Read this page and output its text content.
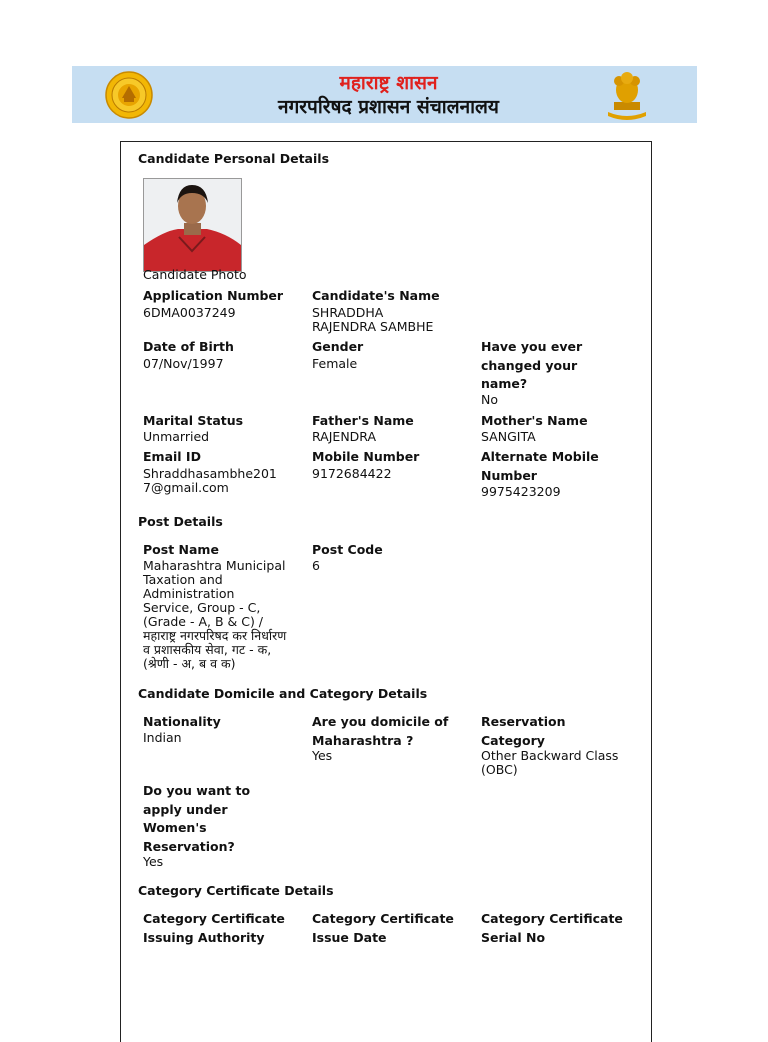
महाराष्ट्र शासन
नगरपरिषद प्रशासन संचालनालय
Candidate Personal Details
Candidate Photo
Application Number
6DMA0037249
Candidate's Name
SHRADDHA RAJENDRA SAMBHE
Date of Birth
07/Nov/1997
Gender
Female
Have you ever changed your name?
No
Marital Status
Unmarried
Father's Name
RAJENDRA
Mother's Name
SANGITA
Email ID
Shraddhasambhe2017@gmail.com
Mobile Number
9172684422
Alternate Mobile Number
9975423209
Post Details
Post Name
Maharashtra Municipal Taxation and Administration Service, Group - C, (Grade - A, B & C) / महाराष्ट्र नगरपरिषद कर निर्धारण व प्रशासकीय सेवा, गट - क, (श्रेणी - अ, ब व क)
Post Code
6
Candidate Domicile and Category Details
Nationality
Indian
Are you domicile of Maharashtra ?
Yes
Reservation Category
Other Backward Class (OBC)
Do you want to apply under Women's Reservation?
Yes
Category Certificate Details
Category Certificate Issuing Authority
Category Certificate Issue Date
Category Certificate Serial No
